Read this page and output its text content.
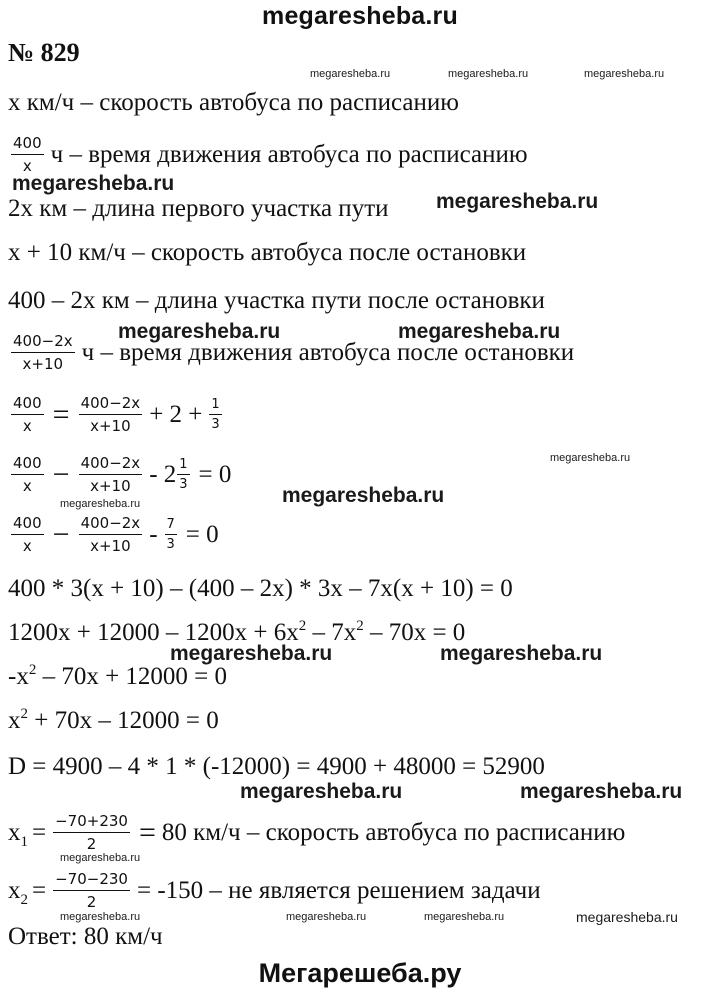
megaresheba.ru
№ 829
megaresheba.ru	megaresheba.ru	megaresheba.ru
x км/ч – скорость автобуса по расписанию
$\frac{400}{x}$ ч – время движения автобуса по расписанию
megaresheba.ru
megaresheba.ru
2x км – длина первого участка пути
x + 10 км/ч – скорость автобуса после остановки
400 – 2x км – длина участка пути после остановки
megaresheba.ru	megaresheba.ru
$\frac{400-2x}{x+10}$ ч – время движения автобуса после остановки
$\frac{400}{x} = \frac{400-2x}{x+10} + 2 + \frac{1}{3}$
megaresheba.ru
$\frac{400}{x} - \frac{400-2x}{x+10} - 2 \frac{1}{3} = 0$
megaresheba.ru	megaresheba.ru
$\frac{400}{x} - \frac{400-2x}{x+10} - \frac{7}{3} = 0$
400 * 3(x + 10) – (400 – 2x) * 3x – 7x(x + 10) = 0
$1200x + 12000 - 1200x + 6x^2 - 7x^2 - 70x = 0$
megaresheba.ru	megaresheba.ru
$-x^2 - 70x + 12000 = 0$
$x^2 + 70x - 12000 = 0$
D = 4900 – 4 * 1 * (-12000) = 4900 + 48000 = 52900
megaresheba.ru	megaresheba.ru
$x_1 = \frac{-70+230}{2} = 80$ км/ч – скорость автобуса по расписанию
megaresheba.ru
$x_2 = \frac{-70-230}{2} = -150$ – не является решением задачи
megaresheba.ru	megaresheba.ru	megaresheba.ru	megaresheba.ru
Ответ: 80 км/ч
Мегарешеба.ру
